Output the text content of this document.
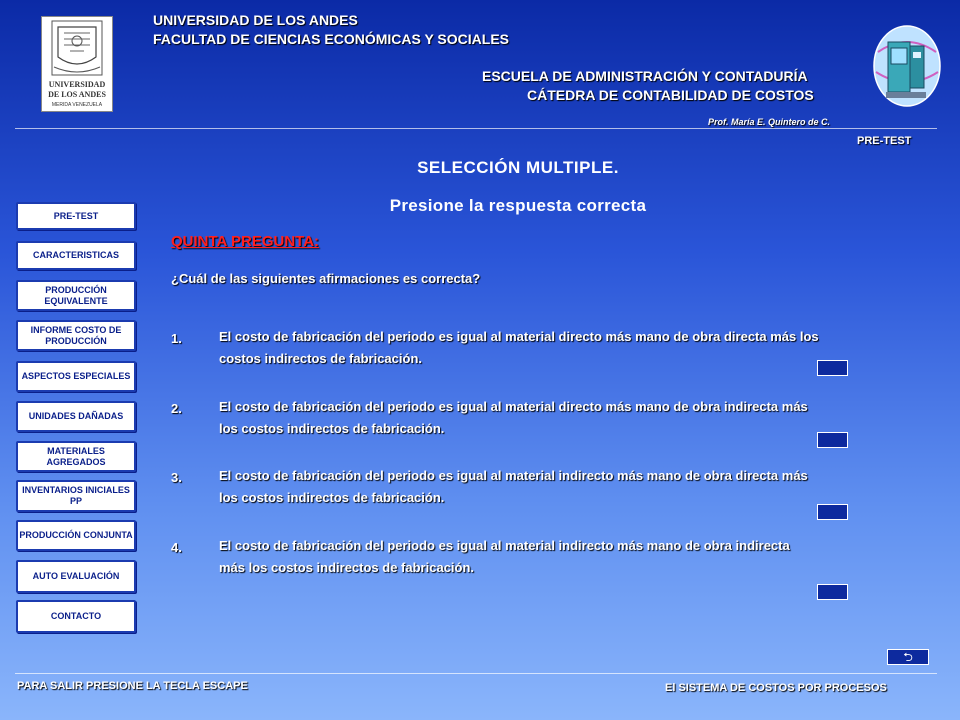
UNIVERSIDAD
DE LOS ANDES
MERIDA VENEZUELA
UNIVERSIDAD DE LOS ANDES
FACULTAD DE CIENCIAS ECONÓMICAS Y SOCIALES
ESCUELA DE ADMINISTRACIÓN Y CONTADURÍA
CÁTEDRA DE CONTABILIDAD DE COSTOS
Prof. María E. Quintero de C.
PRE-TEST
SELECCIÓN MULTIPLE.
Presione la respuesta correcta
QUINTA PREGUNTA:
¿Cuál de las siguientes afirmaciones es correcta?
1.	El costo de fabricación del periodo es igual al material directo más mano de obra directa más los costos indirectos de fabricación.
2.	El costo de fabricación del periodo es igual al material directo más mano de obra indirecta más los costos indirectos de fabricación.
3.	El costo de fabricación del periodo es igual al material indirecto más mano de obra directa más los costos indirectos de fabricación.
4.	El costo de fabricación del periodo es igual al material indirecto más mano de obra indirecta más los costos indirectos de fabricación.
PRE-TEST
CARACTERISTICAS
PRODUCCIÓN EQUIVALENTE
INFORME COSTO DE PRODUCCIÓN
ASPECTOS ESPECIALES
UNIDADES DAÑADAS
MATERIALES AGREGADOS
INVENTARIOS INICIALES PP
PRODUCCIÓN CONJUNTA
AUTO EVALUACIÓN
CONTACTO
⮌
PARA SALIR PRESIONE LA TECLA ESCAPE	El SISTEMA DE COSTOS POR PROCESOS
